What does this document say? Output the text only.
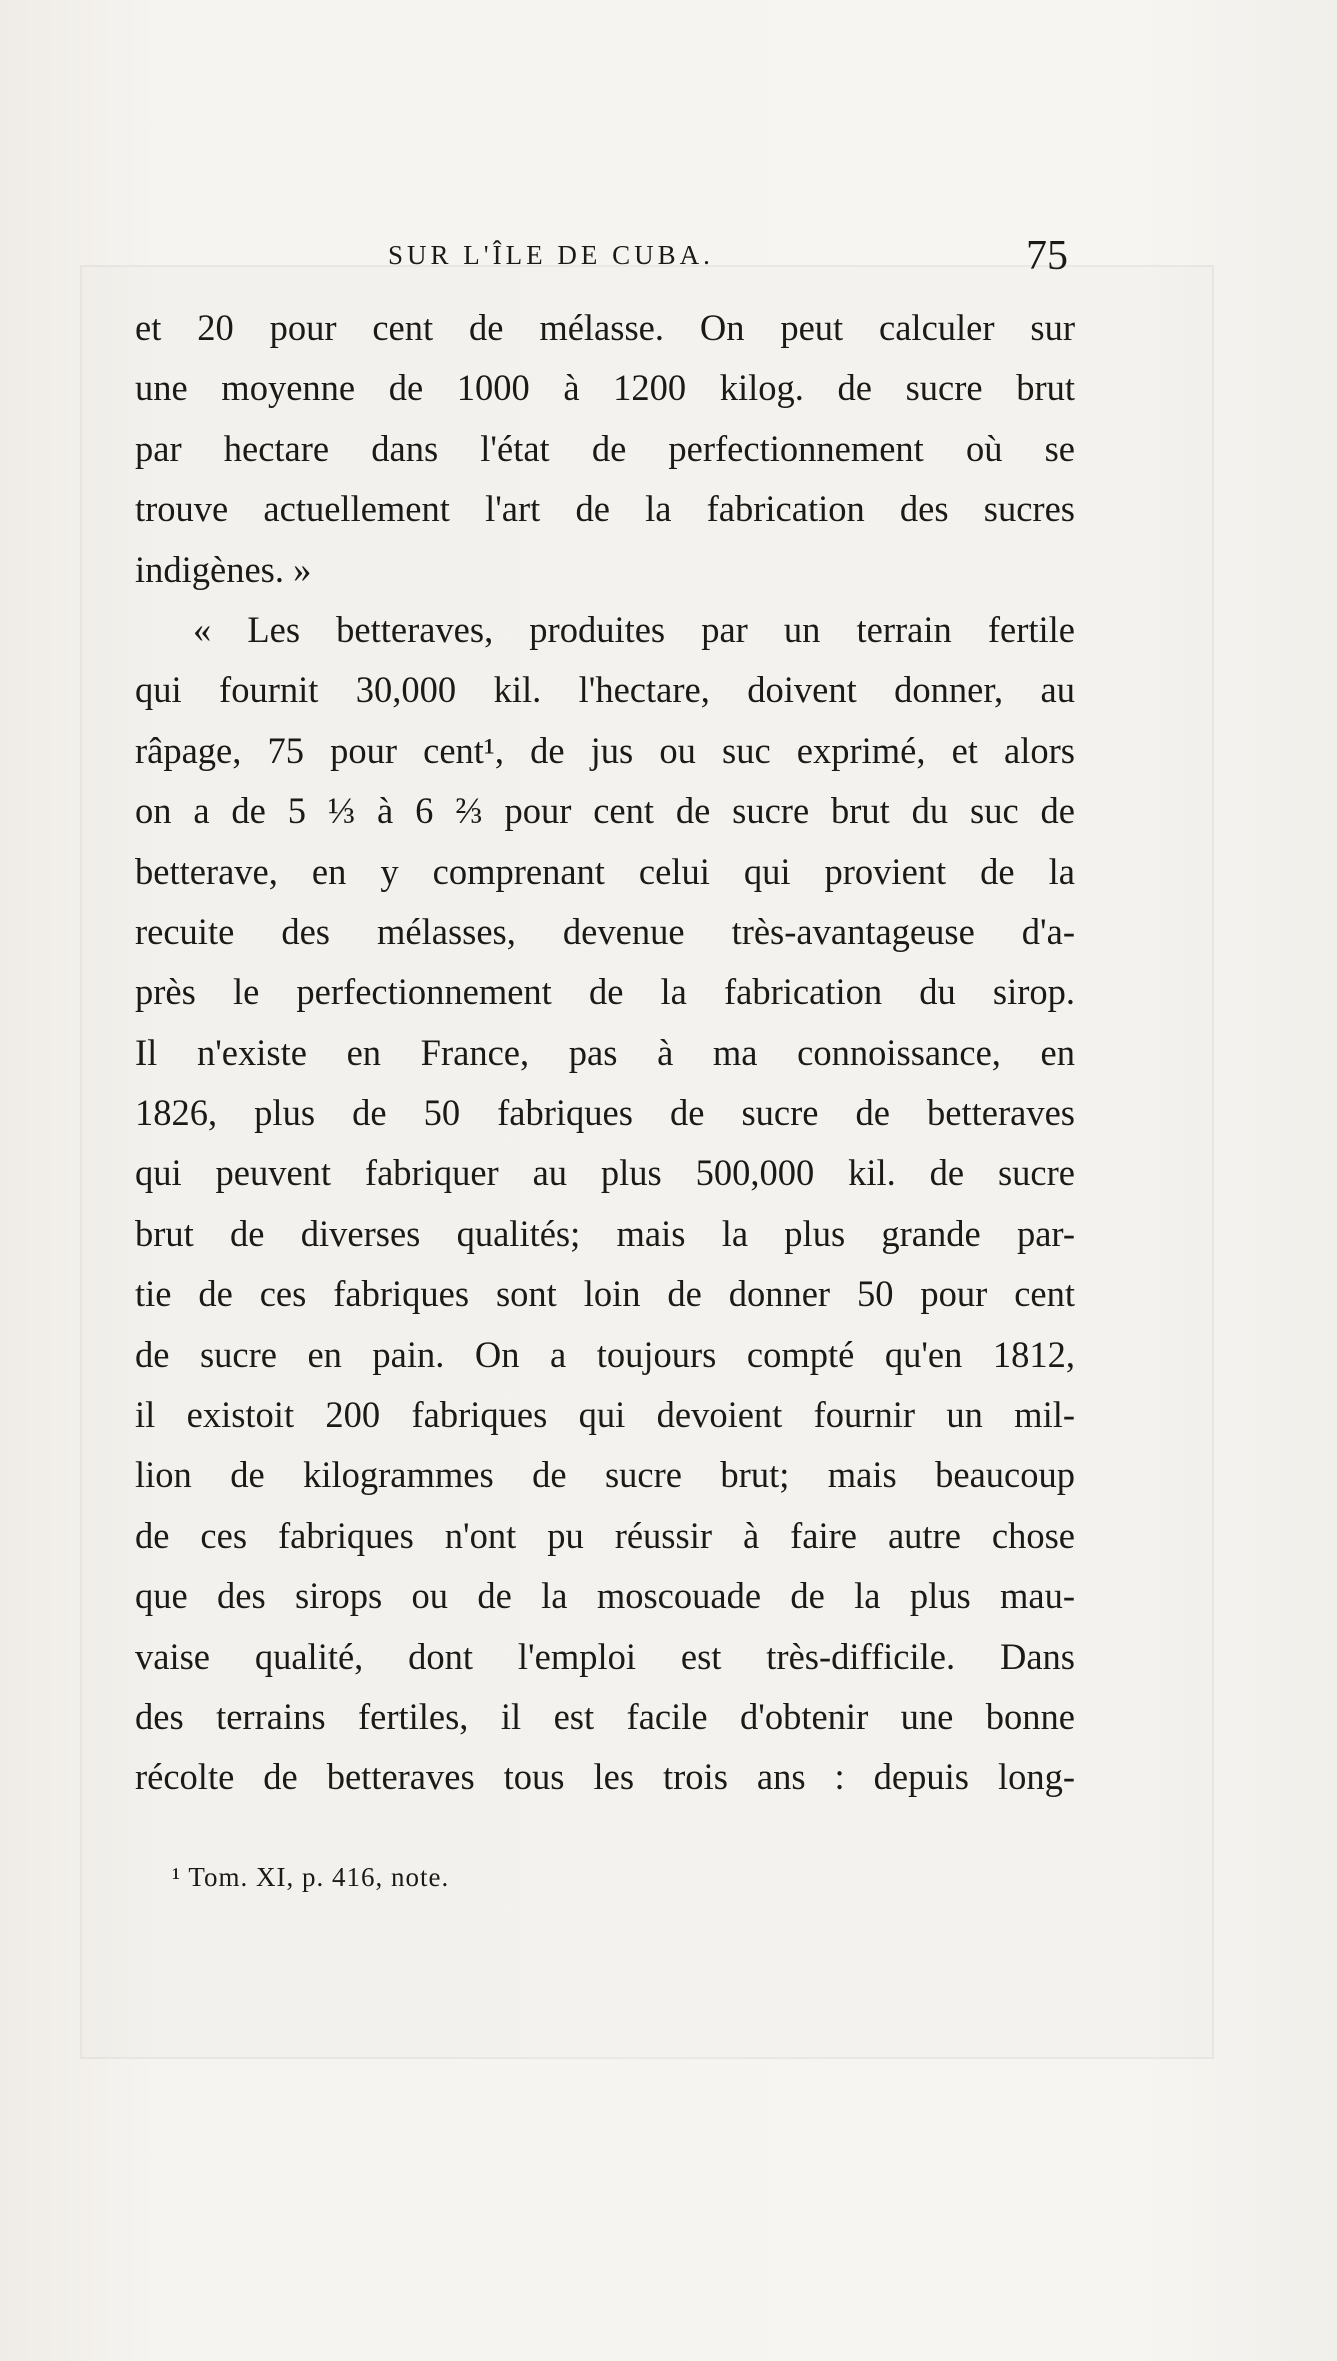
SUR L'ÎLE DE CUBA.	75
et 20 pour cent de mélasse. On peut calculer sur
une moyenne de 1000 à 1200 kilog. de sucre brut
par hectare dans l'état de perfectionnement où se
trouve actuellement l'art de la fabrication des sucres
indigènes. »
« Les betteraves, produites par un terrain fertile
qui fournit 30,000 kil. l'hectare, doivent donner, au
râpage, 75 pour cent¹, de jus ou suc exprimé, et alors
on a de 5 ⅓ à 6 ⅔ pour cent de sucre brut du suc de
betterave, en y comprenant celui qui provient de la
recuite des mélasses, devenue très-avantageuse d'a-
près le perfectionnement de la fabrication du sirop.
Il n'existe en France, pas à ma connoissance, en
1826, plus de 50 fabriques de sucre de betteraves
qui peuvent fabriquer au plus 500,000 kil. de sucre
brut de diverses qualités; mais la plus grande par-
tie de ces fabriques sont loin de donner 50 pour cent
de sucre en pain. On a toujours compté qu'en 1812,
il existoit 200 fabriques qui devoient fournir un mil-
lion de kilogrammes de sucre brut; mais beaucoup
de ces fabriques n'ont pu réussir à faire autre chose
que des sirops ou de la moscouade de la plus mau-
vaise qualité, dont l'emploi est très-difficile. Dans
des terrains fertiles, il est facile d'obtenir une bonne
récolte de betteraves tous les trois ans : depuis long-
¹ Tom. XI, p. 416, note.
